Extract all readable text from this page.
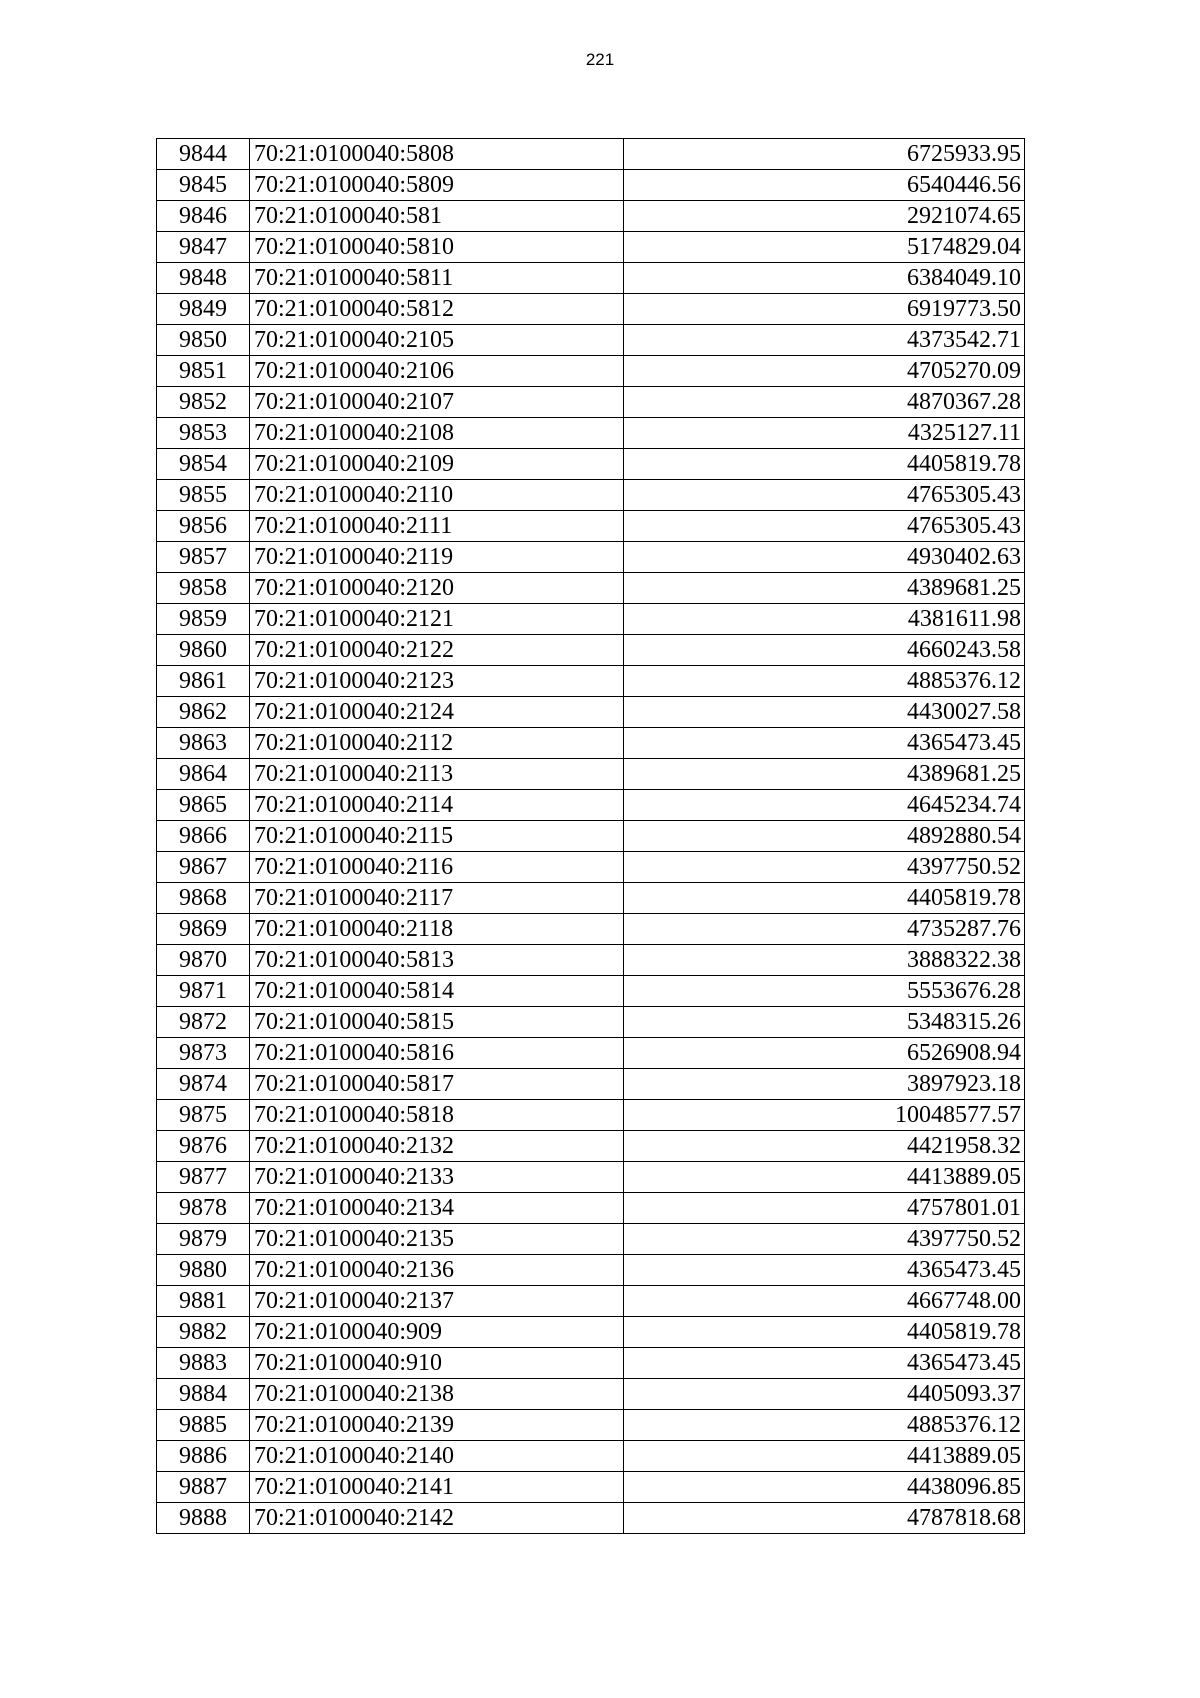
221
9844	70:21:0100040:5808	6725933.95
9845	70:21:0100040:5809	6540446.56
9846	70:21:0100040:581	2921074.65
9847	70:21:0100040:5810	5174829.04
9848	70:21:0100040:5811	6384049.10
9849	70:21:0100040:5812	6919773.50
9850	70:21:0100040:2105	4373542.71
9851	70:21:0100040:2106	4705270.09
9852	70:21:0100040:2107	4870367.28
9853	70:21:0100040:2108	4325127.11
9854	70:21:0100040:2109	4405819.78
9855	70:21:0100040:2110	4765305.43
9856	70:21:0100040:2111	4765305.43
9857	70:21:0100040:2119	4930402.63
9858	70:21:0100040:2120	4389681.25
9859	70:21:0100040:2121	4381611.98
9860	70:21:0100040:2122	4660243.58
9861	70:21:0100040:2123	4885376.12
9862	70:21:0100040:2124	4430027.58
9863	70:21:0100040:2112	4365473.45
9864	70:21:0100040:2113	4389681.25
9865	70:21:0100040:2114	4645234.74
9866	70:21:0100040:2115	4892880.54
9867	70:21:0100040:2116	4397750.52
9868	70:21:0100040:2117	4405819.78
9869	70:21:0100040:2118	4735287.76
9870	70:21:0100040:5813	3888322.38
9871	70:21:0100040:5814	5553676.28
9872	70:21:0100040:5815	5348315.26
9873	70:21:0100040:5816	6526908.94
9874	70:21:0100040:5817	3897923.18
9875	70:21:0100040:5818	10048577.57
9876	70:21:0100040:2132	4421958.32
9877	70:21:0100040:2133	4413889.05
9878	70:21:0100040:2134	4757801.01
9879	70:21:0100040:2135	4397750.52
9880	70:21:0100040:2136	4365473.45
9881	70:21:0100040:2137	4667748.00
9882	70:21:0100040:909	4405819.78
9883	70:21:0100040:910	4365473.45
9884	70:21:0100040:2138	4405093.37
9885	70:21:0100040:2139	4885376.12
9886	70:21:0100040:2140	4413889.05
9887	70:21:0100040:2141	4438096.85
9888	70:21:0100040:2142	4787818.68
